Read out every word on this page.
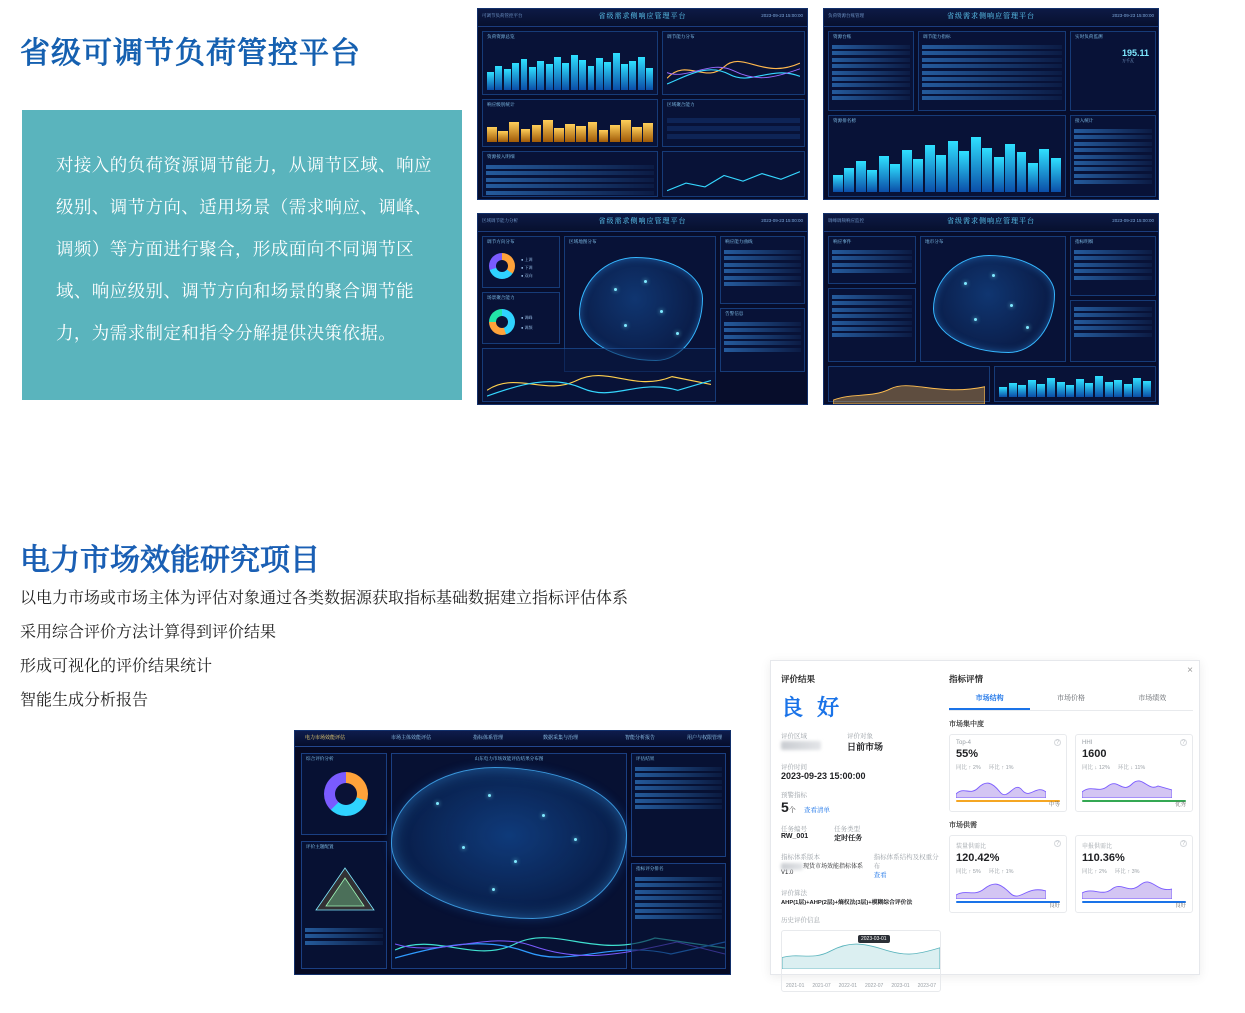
省级可调节负荷管控平台

对接入的负荷资源调节能力，从调节区域、响应级别、调节方向、适用场景（需求响应、调峰、调频）等方面进行聚合，形成面向不同调节区域、响应级别、调节方向和场景的聚合调节能力，为需求制定和指令分解提供决策依据。

可调节负荷管控平台	省级需求侧响应管理平台	2023-09-23 15:00:00
负荷资源总览	调节能力分布
响应级别统计	区域聚合能力
资源接入明细
负荷资源台账管理	省级需求侧响应管理平台	2023-09-23 15:00:00
资源台账	调节能力指标	实时负荷监测
195.11
万千瓦
资源排名榜	接入统计
区域调节能力分析	省级需求侧响应管理平台	2023-09-23 15:00:00
调节方向分布
● 上调
● 下调
● 双向
场景聚合能力
● 调峰
● 调频
区域地图分布	响应能力曲线
告警信息
调峰调频响应监控	省级需求侧响应管理平台	2023-09-23 15:00:00
响应事件	地市分布	指标明细
电力市场效能研究项目

以电力市场或市场主体为评估对象通过各类数据源获取指标基础数据建立指标评估体系

采用综合评价方法计算得到评价结果

形成可视化的评价结果统计

智能生成分析报告

电力市场效能评估	市场主体效能评估	指标体系管理	数据采集与治理	智能分析报告	用户与权限管理
综合评价分析
评价主题配置
山东电力市场效能评估结果分布图	评估结果
指标评分排名
×
评价结果
良 好
评价区域	评价对象
日前市场
评价时间
2023-09-23 15:00:00
预警指标
5个 查看清单
任务编号
RW_001
任务类型
定时任务
指标体系版本
现货市场效能指标体系V1.0
指标体系结构及权重分布
查看
评价算法
AHP(1层)+AHP(2层)+熵权法(3层)+模糊综合评价法
历史评价信息
2023-03-01
2021-01 2021-07 2022-01 2022-07 2023-01 2023-07
指标评情
市场结构	市场价格	市场绩效
市场集中度
?
Top-4
55%
同比 ↑ 2% 环比 ↑ 1%
中等
?
HHI
1600
同比 ↓ 12% 环比 ↓ 11%
优秀
市场供需
?
装量供需比
120.42%
同比 ↑ 5% 环比 ↑ 1%
良好
?
申报供需比
110.36%
同比 ↑ 2% 环比 ↑ 3%
良好
